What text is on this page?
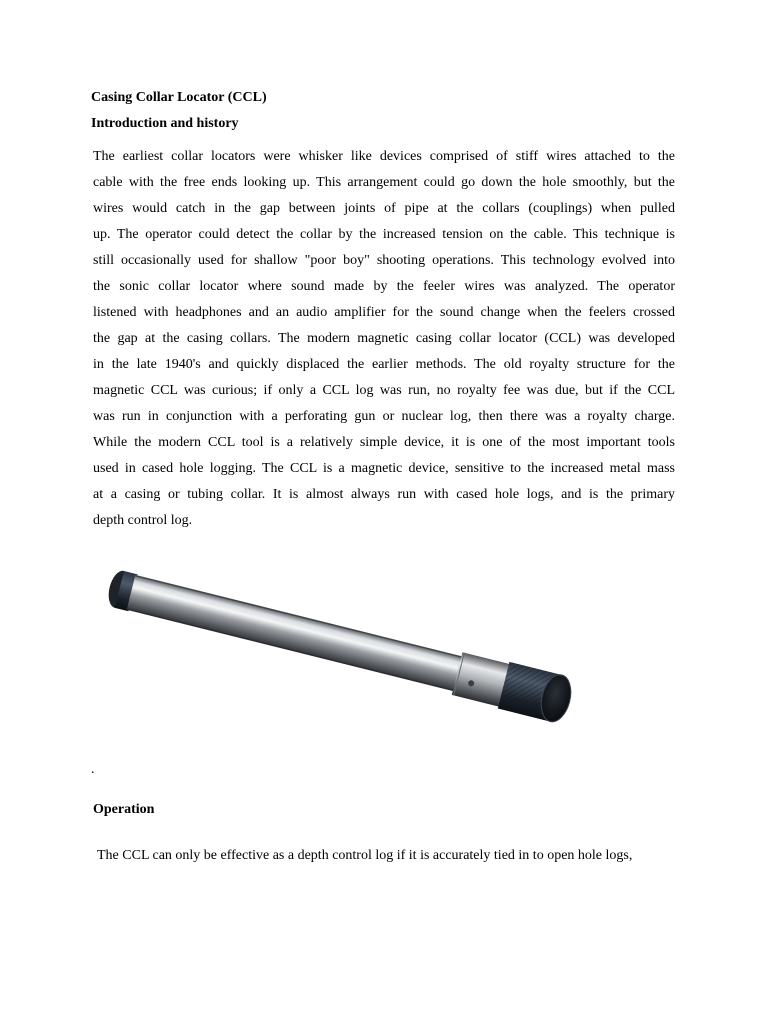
Casing Collar Locator (CCL)

Introduction and history

The earliest collar locators were whisker like devices comprised of stiff wires attached to the
cable with the free ends looking up. This arrangement could go down the hole smoothly, but the
wires would catch in the gap between joints of pipe at the collars (couplings) when pulled
up. The operator could detect the collar by the increased tension on the cable. This technique is
still occasionally used for shallow "poor boy" shooting operations. This technology evolved into
the sonic collar locator where sound made by the feeler wires was analyzed. The operator
listened with headphones and an audio amplifier for the sound change when the feelers crossed
the gap at the casing collars. The modern magnetic casing collar locator (CCL) was developed
in the late 1940's and quickly displaced the earlier methods. The old royalty structure for the
magnetic CCL was curious; if only a CCL log was run, no royalty fee was due, but if the CCL
was run in conjunction with a perforating gun or nuclear log, then there was a royalty charge.
While the modern CCL tool is a relatively simple device, it is one of the most important tools
used in cased hole logging. The CCL is a magnetic device, sensitive to the increased metal mass
at a casing or tubing collar. It is almost always run with cased hole logs, and is the primary
depth control log.

.

Operation

The CCL can only be effective as a depth control log if it is accurately tied in to open hole logs,
